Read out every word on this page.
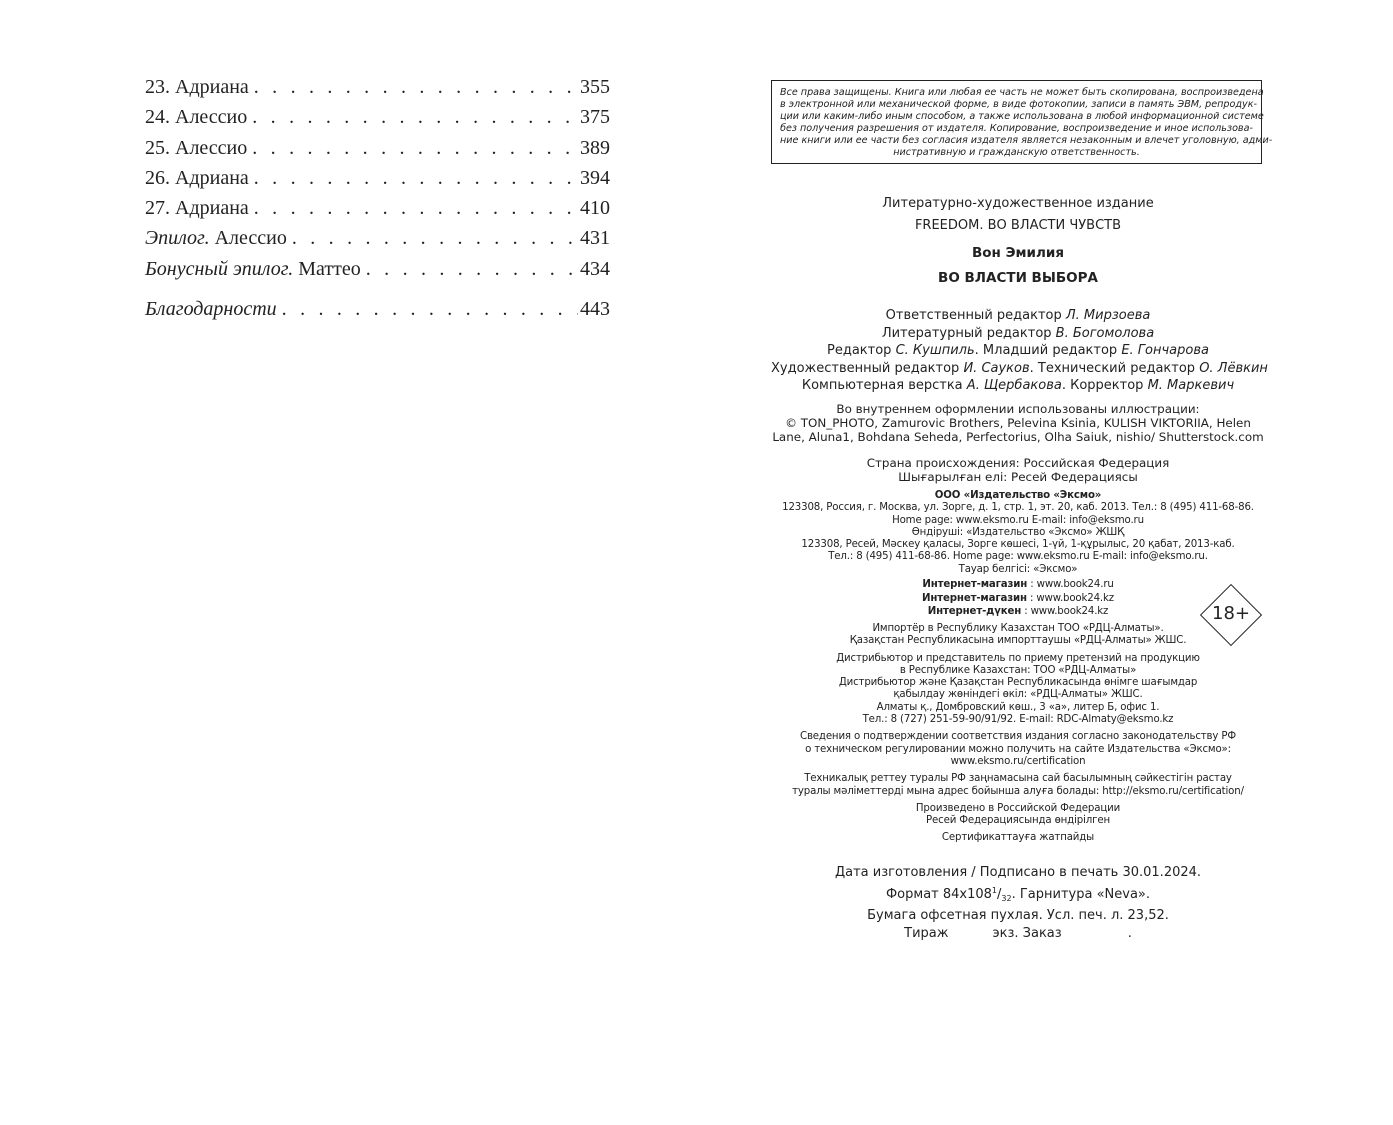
23. Адриана . . .	355
24. Алессио . . .	375
25. Алессио . . .	389
26. Адриана . . .	394
27. Адриана . . .	410
Эпилог. Алессио . . .	431
Бонусный эпилог. Маттео . . .	434
Благодарности . . .	443
Все права защищены. Книга или любая ее часть не может быть скопирована, воспроизведена
в электронной или механической форме, в виде фотокопии, записи в память ЭВМ, репродук-
ции или каким-либо иным способом, а также использована в любой информационной системе
без получения разрешения от издателя. Копирование, воспроизведение и иное использова-
ние книги или ее части без согласия издателя является незаконным и влечет уголовную, адми-
нистративную и гражданскую ответственность.
Литературно-художественное издание
FREEDOM. ВО ВЛАСТИ ЧУВСТВ
Вон Эмилия
ВО ВЛАСТИ ВЫБОРА
Ответственный редактор Л. Мирзоева
Литературный редактор В. Богомолова
Редактор С. Кушпиль. Младший редактор Е. Гончарова
Художественный редактор И. Сауков. Технический редактор О. Лёвкин
Компьютерная верстка А. Щербакова. Корректор М. Маркевич
Во внутреннем оформлении использованы иллюстрации:
© TON_PHOTO, Zamurovic Brothers, Pelevina Ksinia, KULISH VIKTORIIA, Helen
Lane, Aluna1, Bohdana Seheda, Perfectorius, Olha Saiuk, nishio/ Shutterstock.com
Страна происхождения: Российская Федерация
Шығарылған елі: Ресей Федерациясы
ООО «Издательство «Эксмо»
123308, Россия, г. Москва, ул. Зорге, д. 1, стр. 1, эт. 20, каб. 2013. Тел.: 8 (495) 411-68-86.
Home page: www.eksmo.ru E-mail: info@eksmo.ru
Өндіруші: «Издательство «Эксмо» ЖШҚ
123308, Ресей, Мәскеу қаласы, Зорге көшесі, 1-үй, 1-құрылыс, 20 қабат, 2013-каб.
Тел.: 8 (495) 411-68-86. Home page: www.eksmo.ru E-mail: info@eksmo.ru.
Тауар белгісі: «Эксмо»
Интернет-магазин : www.book24.ru
Интернет-магазин : www.book24.kz
Интернет-дүкен : www.book24.kz
Импортёр в Республику Казахстан ТОО «РДЦ-Алматы».
Қазақстан Республикасына импорттаушы «РДЦ-Алматы» ЖШС.
Дистрибьютор и представитель по приему претензий на продукцию
в Республике Казахстан: ТОО «РДЦ-Алматы»
Дистрибьютор және Қазақстан Республикасында өнімге шағымдар
қабылдау жөніндегі өкіл: «РДЦ-Алматы» ЖШС.
Алматы қ., Домбровский көш., 3 «а», литер Б, офис 1.
Тел.: 8 (727) 251-59-90/91/92. E-mail: RDC-Almaty@eksmo.kz
Сведения о подтверждении соответствия издания согласно законодательству РФ
о техническом регулировании можно получить на сайте Издательства «Эксмо»:
www.eksmo.ru/certification
Техникалық реттеу туралы РФ заңнамасына сай басылымның сәйкестігін растау
туралы мәліметтерді мына адрес бойынша алуға болады: http://eksmo.ru/certification/
Произведено в Российской Федерации
Ресей Федерациясында өндірілген
Сертификаттауға жатпайды
18+
Дата изготовления / Подписано в печать 30.01.2024.
Формат $84x108^1/_{32}$. Гарнитура «Neva».
Бумага офсетная пухлая. Усл. печ. л. 23,52.
Тираж	экз. Заказ	.
